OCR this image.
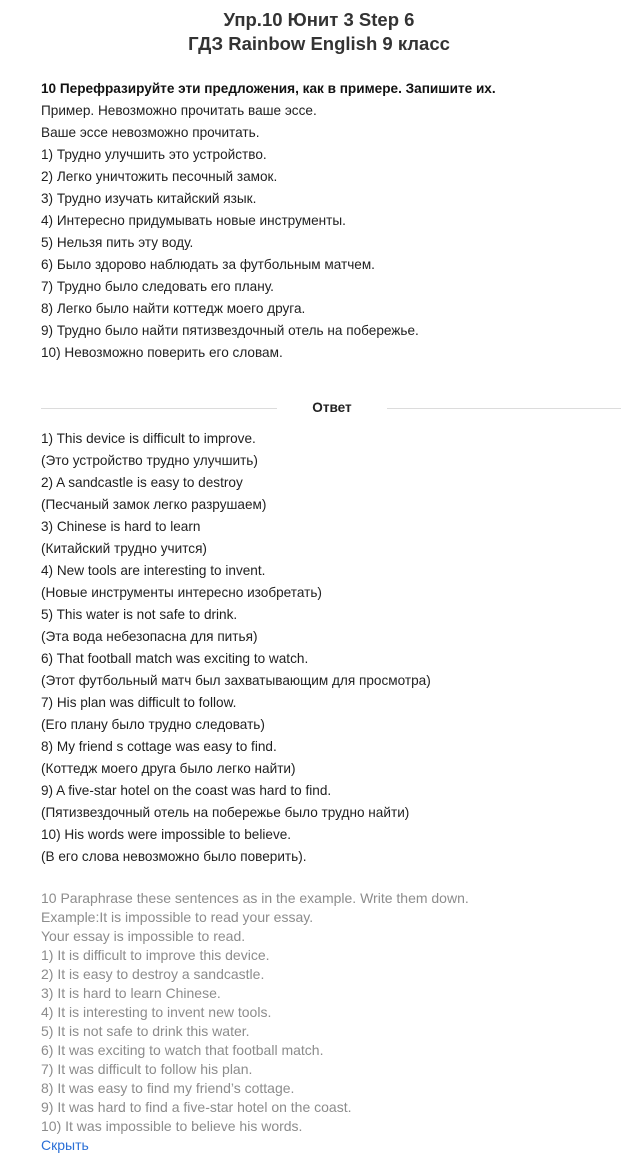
Упр.10 Юнит 3 Step 6
ГДЗ Rainbow English 9 класс
10 Перефразируйте эти предложения, как в примере. Запишите их.
Пример. Невозможно прочитать ваше эссе.
Ваше эссе невозможно прочитать.
1) Трудно улучшить это устройство.
2) Легко уничтожить песочный замок.
3) Трудно изучать китайский язык.
4) Интересно придумывать новые инструменты.
5) Нельзя пить эту воду.
6) Было здорово наблюдать за футбольным матчем.
7) Трудно было следовать его плану.
8) Легко было найти коттедж моего друга.
9) Трудно было найти пятизвездочный отель на побережье.
10) Невозможно поверить его словам.
Ответ
1) This device is difficult to improve.
(Это устройство трудно улучшить)
2) A sandcastle is easy to destroy
(Песчаный замок легко разрушаем)
3) Chinese is hard to learn
(Китайский трудно учится)
4) New tools are interesting to invent.
(Новые инструменты интересно изобретать)
5) This water is not safe to drink.
(Эта вода небезопасна для питья)
6) That football match was exciting to watch.
(Этот футбольный матч был захватывающим для просмотра)
7) His plan was difficult to follow.
(Его плану было трудно следовать)
8) My friend s cottage was easy to find.
(Коттедж моего друга было легко найти)
9) A five-star hotel on the coast was hard to find.
(Пятизвездочный отель на побережье было трудно найти)
10) His words were impossible to believe.
(В его слова невозможно было поверить).
10 Paraphrase these sentences as in the example. Write them down.
Example:It is impossible to read your essay.
Your essay is impossible to read.
1) It is difficult to improve this device.
2) It is easy to destroy a sandcastle.
3) It is hard to learn Chinese.
4) It is interesting to invent new tools.
5) It is not safe to drink this water.
6) It was exciting to watch that football match.
7) It was difficult to follow his plan.
8) It was easy to find my friend’s cottage.
9) It was hard to find a five-star hotel on the coast.
10) It was impossible to believe his words.
Скрыть
